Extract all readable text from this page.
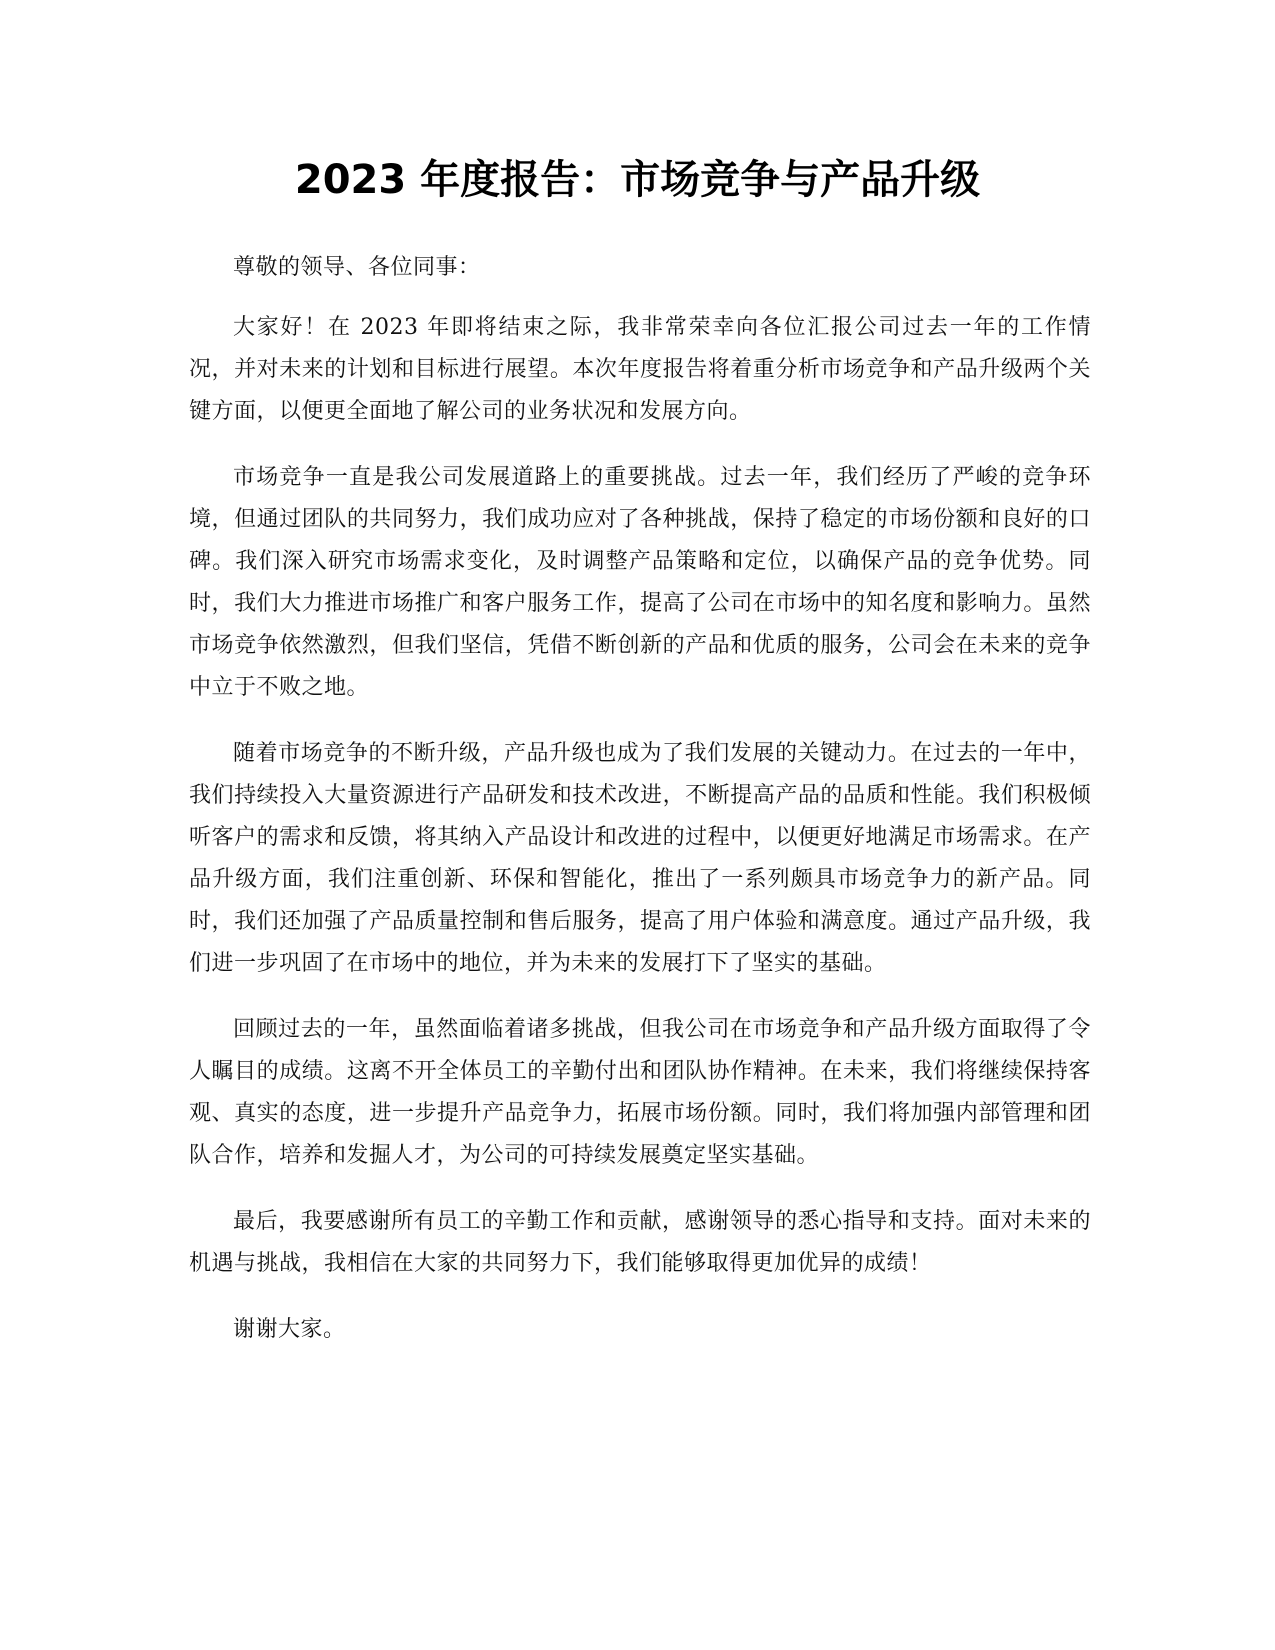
2023 年度报告：市场竞争与产品升级

尊敬的领导、各位同事：

大家好！在 2023 年即将结束之际，我非常荣幸向各位汇报公司过去一年的工作情况，并对未来的计划和目标进行展望。本次年度报告将着重分析市场竞争和产品升级两个关键方面，以便更全面地了解公司的业务状况和发展方向。

市场竞争一直是我公司发展道路上的重要挑战。过去一年，我们经历了严峻的竞争环境，但通过团队的共同努力，我们成功应对了各种挑战，保持了稳定的市场份额和良好的口碑。我们深入研究市场需求变化，及时调整产品策略和定位，以确保产品的竞争优势。同时，我们大力推进市场推广和客户服务工作，提高了公司在市场中的知名度和影响力。虽然市场竞争依然激烈，但我们坚信，凭借不断创新的产品和优质的服务，公司会在未来的竞争中立于不败之地。

随着市场竞争的不断升级，产品升级也成为了我们发展的关键动力。在过去的一年中，我们持续投入大量资源进行产品研发和技术改进，不断提高产品的品质和性能。我们积极倾听客户的需求和反馈，将其纳入产品设计和改进的过程中，以便更好地满足市场需求。在产品升级方面，我们注重创新、环保和智能化，推出了一系列颇具市场竞争力的新产品。同时，我们还加强了产品质量控制和售后服务，提高了用户体验和满意度。通过产品升级，我们进一步巩固了在市场中的地位，并为未来的发展打下了坚实的基础。

回顾过去的一年，虽然面临着诸多挑战，但我公司在市场竞争和产品升级方面取得了令人瞩目的成绩。这离不开全体员工的辛勤付出和团队协作精神。在未来，我们将继续保持客观、真实的态度，进一步提升产品竞争力，拓展市场份额。同时，我们将加强内部管理和团队合作，培养和发掘人才，为公司的可持续发展奠定坚实基础。

最后，我要感谢所有员工的辛勤工作和贡献，感谢领导的悉心指导和支持。面对未来的机遇与挑战，我相信在大家的共同努力下，我们能够取得更加优异的成绩！

谢谢大家。
